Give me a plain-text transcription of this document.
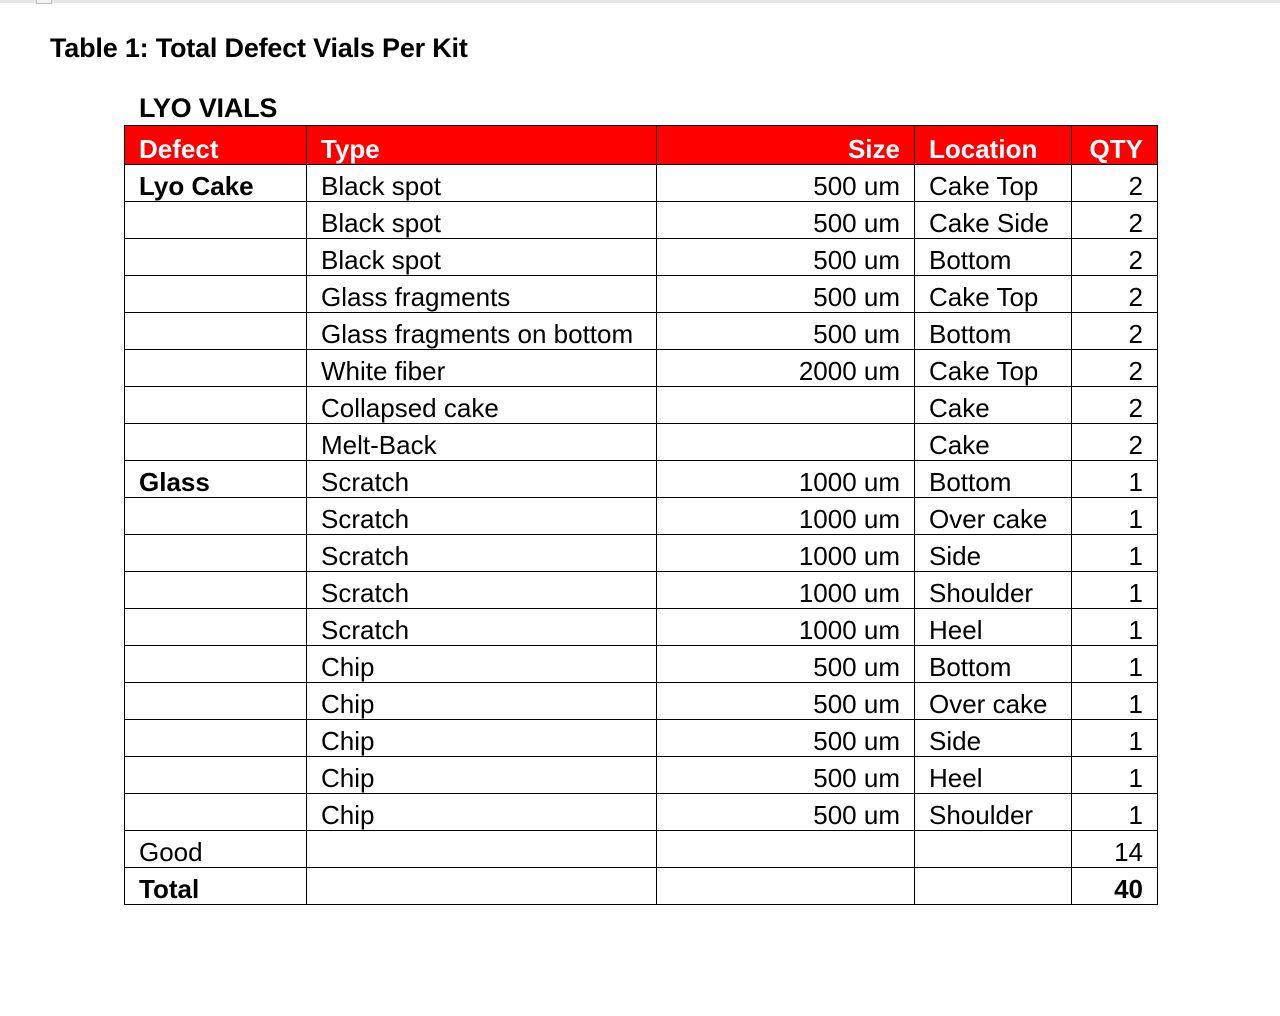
Table 1: Total Defect Vials Per Kit
LYO VIALS
Defect	Type	Size	Location	QTY
Lyo Cake	Black spot	500 um	Cake Top	2
	Black spot	500 um	Cake Side	2
	Black spot	500 um	Bottom	2
	Glass fragments	500 um	Cake Top	2
	Glass fragments on bottom	500 um	Bottom	2
	White fiber	2000 um	Cake Top	2
	Collapsed cake		Cake	2
	Melt-Back		Cake	2
Glass	Scratch	1000 um	Bottom	1
	Scratch	1000 um	Over cake	1
	Scratch	1000 um	Side	1
	Scratch	1000 um	Shoulder	1
	Scratch	1000 um	Heel	1
	Chip	500 um	Bottom	1
	Chip	500 um	Over cake	1
	Chip	500 um	Side	1
	Chip	500 um	Heel	1
	Chip	500 um	Shoulder	1
Good				14
Total				40
